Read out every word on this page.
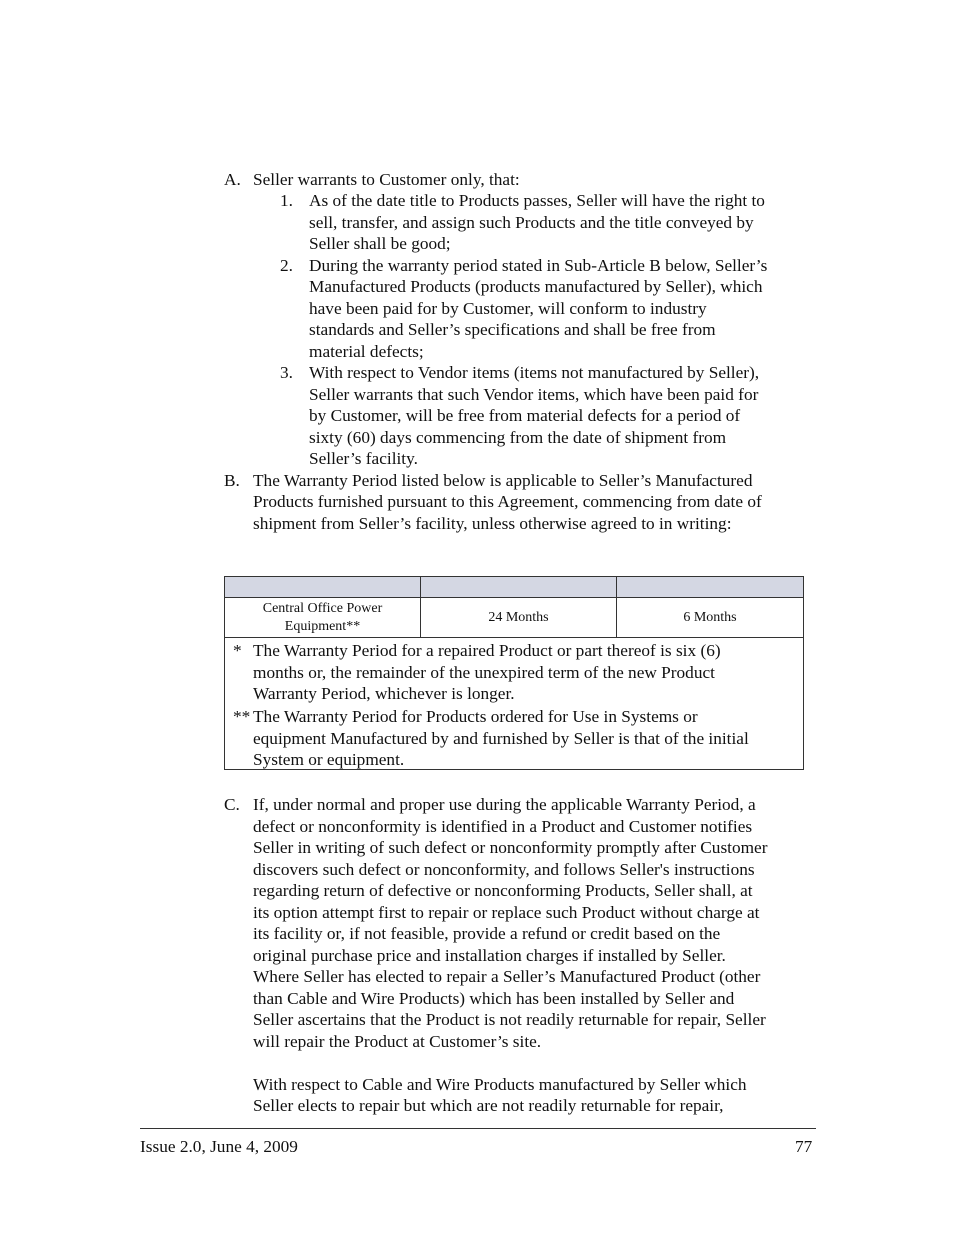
A. Seller warrants to Customer only, that:
1. As of the date title to Products passes, Seller will have the right to
sell, transfer, and assign such Products and the title conveyed by
Seller shall be good;
2. During the warranty period stated in Sub-Article B below, Seller’s
Manufactured Products (products manufactured by Seller), which
have been paid for by Customer, will conform to industry
standards and Seller’s specifications and shall be free from
material defects;
3. With respect to Vendor items (items not manufactured by Seller),
Seller warrants that such Vendor items, which have been paid for
by Customer, will be free from material defects for a period of
sixty (60) days commencing from the date of shipment from
Seller’s facility.
B. The Warranty Period listed below is applicable to Seller’s Manufactured
Products furnished pursuant to this Agreement, commencing from date of
shipment from Seller’s facility, unless otherwise agreed to in writing:
Central Office Power
Equipment**
24 Months	6 Months
* The Warranty Period for a repaired Product or part thereof is six (6)
months or, the remainder of the unexpired term of the new Product
Warranty Period, whichever is longer.
** The Warranty Period for Products ordered for Use in Systems or
equipment Manufactured by and furnished by Seller is that of the initial
System or equipment.
C. If, under normal and proper use during the applicable Warranty Period, a
defect or nonconformity is identified in a Product and Customer notifies
Seller in writing of such defect or nonconformity promptly after Customer
discovers such defect or nonconformity, and follows Seller's instructions
regarding return of defective or nonconforming Products, Seller shall, at
its option attempt first to repair or replace such Product without charge at
its facility or, if not feasible, provide a refund or credit based on the
original purchase price and installation charges if installed by Seller.
Where Seller has elected to repair a Seller’s Manufactured Product (other
than Cable and Wire Products) which has been installed by Seller and
Seller ascertains that the Product is not readily returnable for repair, Seller
will repair the Product at Customer’s site.
With respect to Cable and Wire Products manufactured by Seller which
Seller elects to repair but which are not readily returnable for repair,
Issue 2.0, June 4, 2009	77
